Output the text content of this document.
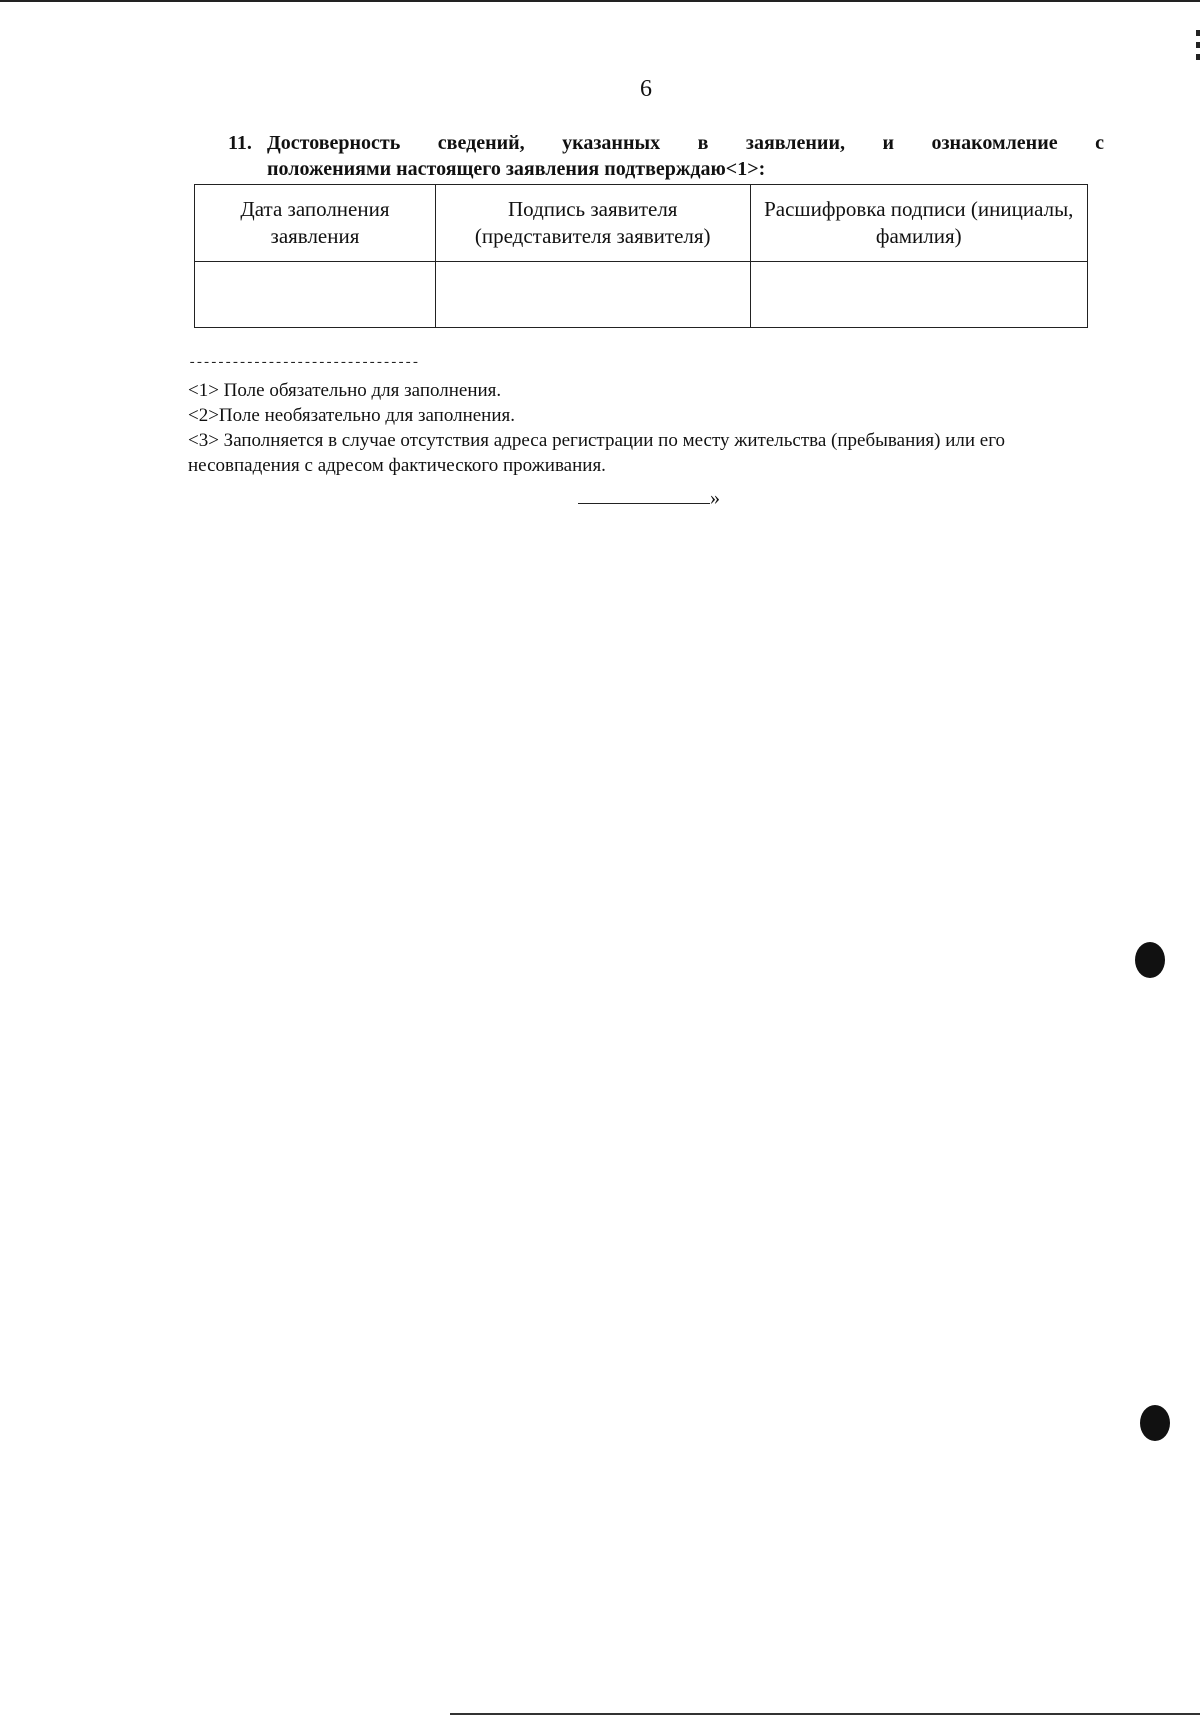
6
11. Достоверность сведений, указанных в заявлении, и ознакомление с
положениями настоящего заявления подтверждаю<1>:
Дата заполнения заявления	Подпись заявителя (представителя заявителя)	Расшифровка подписи (инициалы, фамилия)

--------------------------------

<1> Поле обязательно для заполнения.

<2>Поле необязательно для заполнения.

<3> Заполняется в случае отсутствия адреса регистрации по месту жительства (пребывания) или его несовпадения с адресом фактического проживания.

»
